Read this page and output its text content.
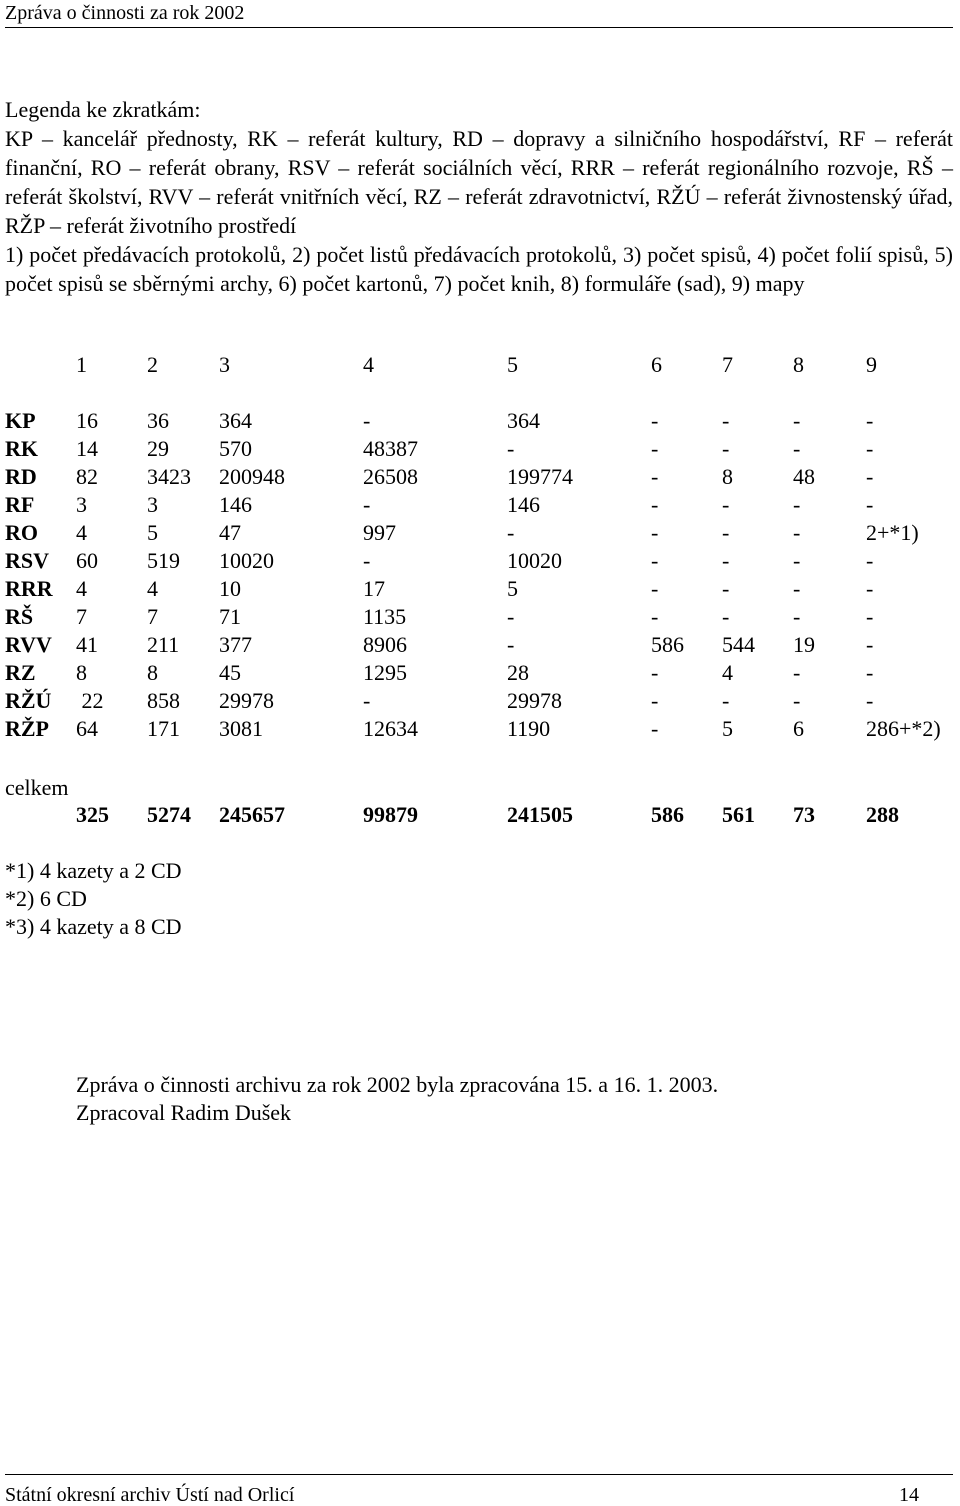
Zpráva o činnosti za rok 2002

Legenda ke zkratkám:

KP – kancelář přednosty, RK – referát kultury, RD – dopravy a silničního hospodářství, RF – referát finanční, RO – referát obrany, RSV – referát sociálních věcí, RRR – referát regionálního rozvoje, RŠ – referát školství, RVV – referát vnitřních věcí, RZ – referát zdravotnictví, RŽÚ – referát živnostenský úřad, RŽP – referát životního prostředí

1) počet předávacích protokolů, 2) počet listů předávacích protokolů, 3) počet spisů, 4) počet folií spisů, 5) počet spisů se sběrnými archy, 6) počet kartonů, 7) počet knih, 8) formuláře (sad), 9) mapy

	1	2	3	4	5	6	7	8	9

KP	16	36	364	-	364	-	-	-	-
RK	14	29	570	48387	-	-	-	-	-
RD	82	3423	200948	26508	199774	-	8	48	-
RF	3	3	146	-	146	-	-	-	-
RO	4	5	47	997	-	-	-	-	2+*1)
RSV	60	519	10020	-	10020	-	-	-	-
RRR	4	4	10	17	5	-	-	-	-
RŠ	7	7	71	1135	-	-	-	-	-
RVV	41	211	377	8906	-	586	544	19	-
RZ	8	8	45	1295	28	-	4	-	-
RŽÚ	22	858	29978	-	29978	-	-	-	-
RŽP	64	171	3081	12634	1190	-	5	6	286+*2)
celkem
	325	5274	245657	99879	241505	586	561	73	288
*1) 4 kazety a 2 CD
*2) 6 CD
*3) 4 kazety a 8 CD
Zpráva o činnosti archivu za rok 2002 byla zpracována 15. a 16. 1. 2003.
Zpracoval Radim Dušek
Státní okresní archiv Ústí nad Orlicí	14
